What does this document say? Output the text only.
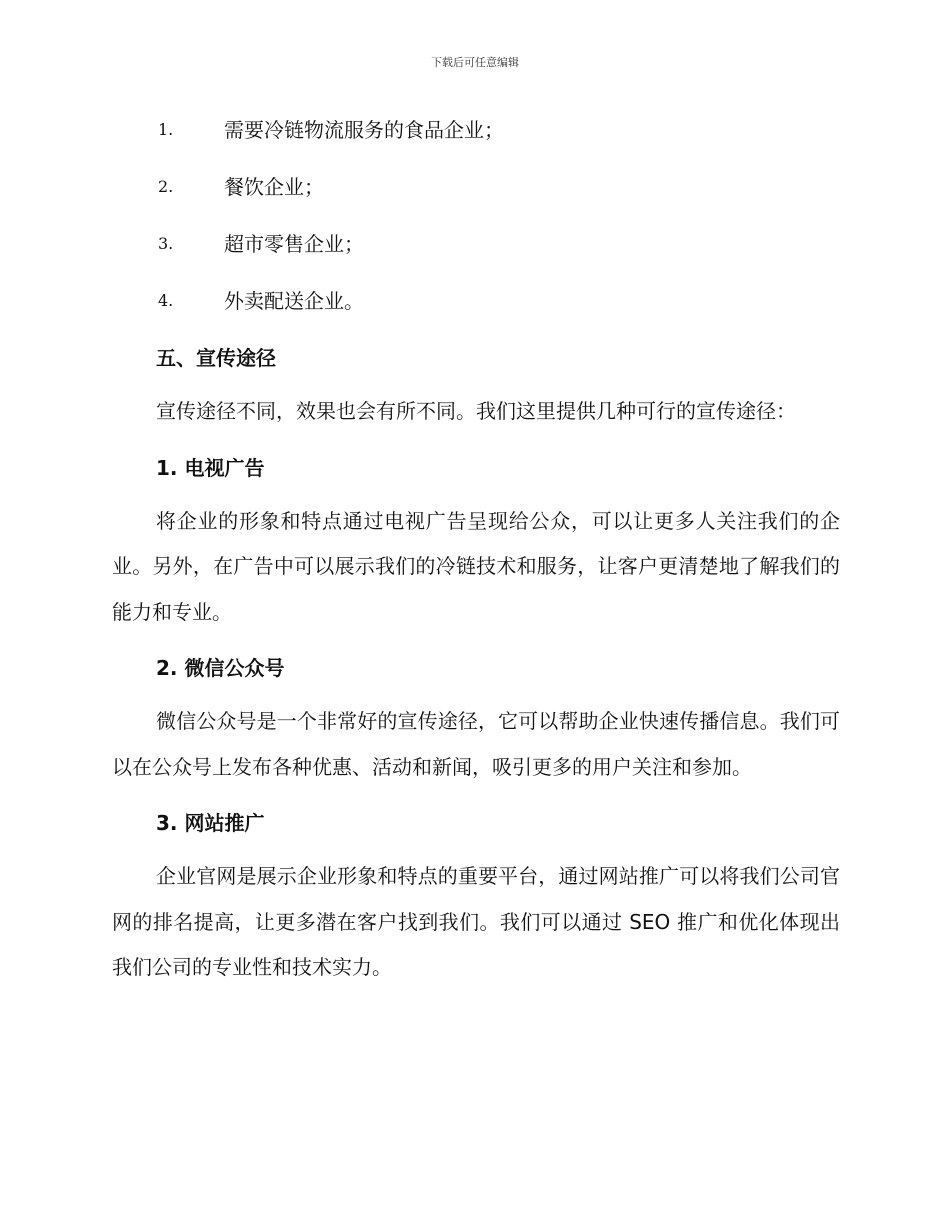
下载后可任意编辑
1.	需要冷链物流服务的食品企业；
2.	餐饮企业；
3.	超市零售企业；
4.	外卖配送企业。
五、宣传途径

宣传途径不同，效果也会有所不同。我们这里提供几种可行的宣传途径：

1. 电视广告

将企业的形象和特点通过电视广告呈现给公众，可以让更多人关注我们的企业。另外，在广告中可以展示我们的冷链技术和服务，让客户更清楚地了解我们的能力和专业。

2. 微信公众号

微信公众号是一个非常好的宣传途径，它可以帮助企业快速传播信息。我们可以在公众号上发布各种优惠、活动和新闻，吸引更多的用户关注和参加。

3. 网站推广

企业官网是展示企业形象和特点的重要平台，通过网站推广可以将我们公司官网的排名提高，让更多潜在客户找到我们。我们可以通过 SEO 推广和优化体现出我们公司的专业性和技术实力。
